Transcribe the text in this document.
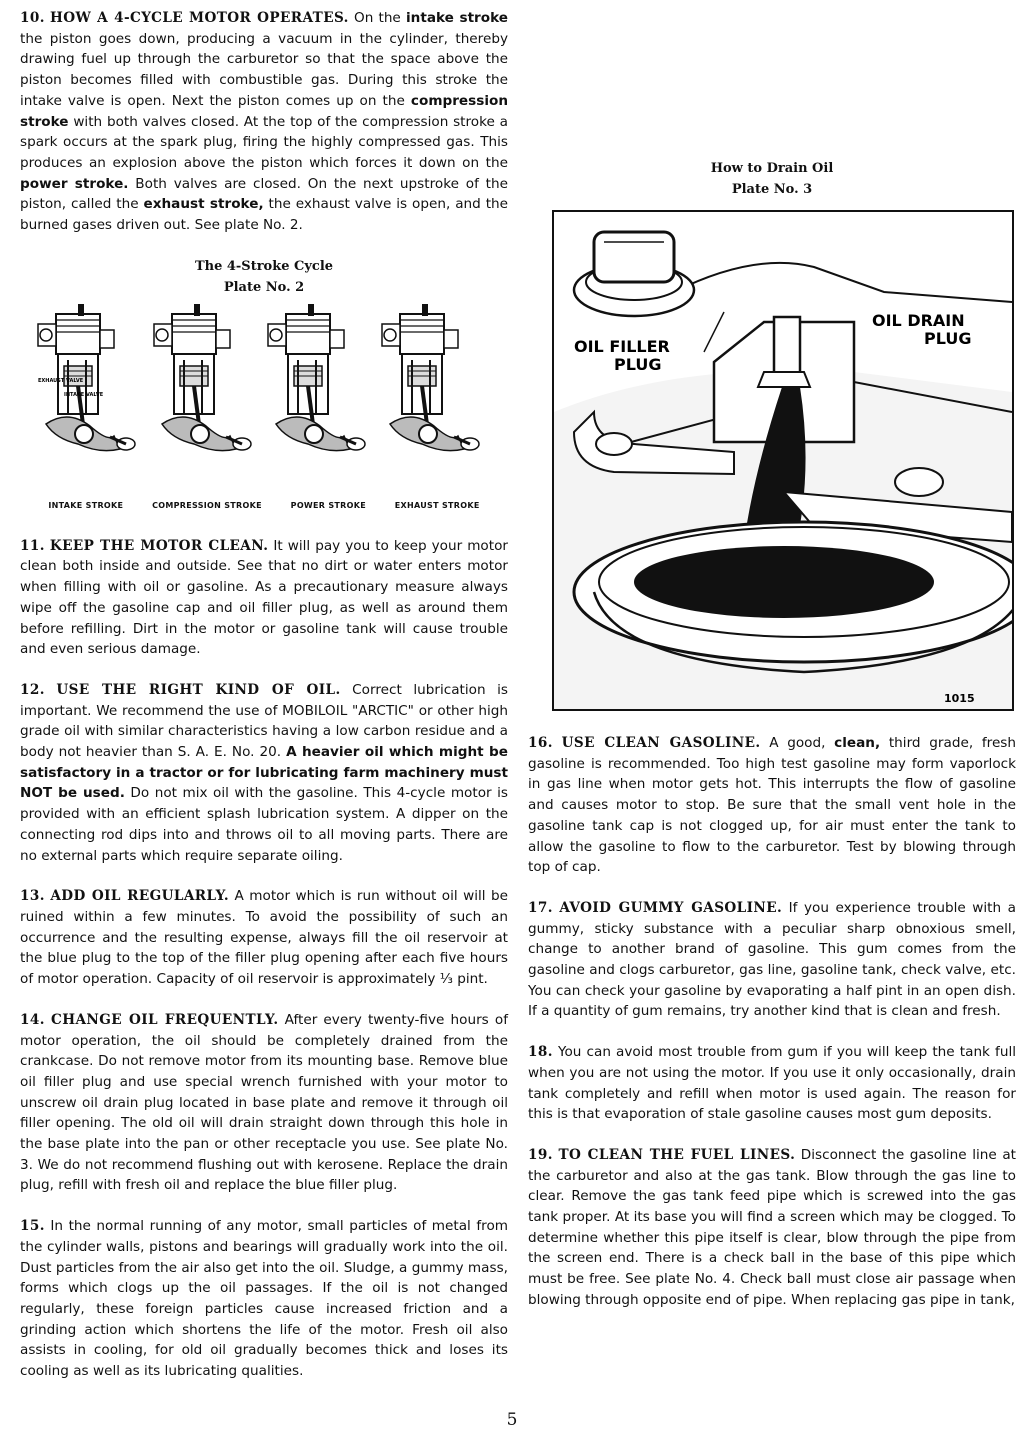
10. HOW A 4-CYCLE MOTOR OPERATES. On the intake stroke the piston goes down, producing a vacuum in the cylinder, thereby drawing fuel up through the carburetor so that the space above the piston becomes filled with combustible gas. During this stroke the intake valve is open. Next the piston comes up on the compression stroke with both valves closed. At the top of the compression stroke a spark occurs at the spark plug, firing the highly compressed gas. This produces an explosion above the piston which forces it down on the power stroke. Both valves are closed. On the next upstroke of the piston, called the exhaust stroke, the exhaust valve is open, and the burned gases driven out. See plate No. 2.

The 4-Stroke Cycle
Plate No. 2
EXHAUST VALVE
INTAKE VALVE
INTAKE STROKE	COMPRESSION STROKE	POWER STROKE	EXHAUST STROKE

11. KEEP THE MOTOR CLEAN. It will pay you to keep your motor clean both inside and outside. See that no dirt or water enters motor when filling with oil or gasoline. As a precautionary measure always wipe off the gasoline cap and oil filler plug, as well as around them before refilling. Dirt in the motor or gasoline tank will cause trouble and even serious damage.

12. USE THE RIGHT KIND OF OIL. Correct lubrication is important. We recommend the use of MOBILOIL "ARCTIC" or other high grade oil with similar characteristics having a low carbon residue and a body not heavier than S. A. E. No. 20. A heavier oil which might be satisfactory in a tractor or for lubricating farm machinery must NOT be used. Do not mix oil with the gasoline. This 4-cycle motor is provided with an efficient splash lubrication system. A dipper on the connecting rod dips into and throws oil to all moving parts. There are no external parts which require separate oiling.

13. ADD OIL REGULARLY. A motor which is run without oil will be ruined within a few minutes. To avoid the possibility of such an occurrence and the resulting expense, always fill the oil reservoir at the blue plug to the top of the filler plug opening after each five hours of motor operation. Capacity of oil reservoir is approximately ⅓ pint.

14. CHANGE OIL FREQUENTLY. After every twenty-five hours of motor operation, the oil should be completely drained from the crankcase. Do not remove motor from its mounting base. Remove blue oil filler plug and use special wrench furnished with your motor to unscrew oil drain plug located in base plate and remove it through oil filler opening. The old oil will drain straight down through this hole in the base plate into the pan or other receptacle you use. See plate No. 3. We do not recommend flushing out with kerosene. Replace the drain plug, refill with fresh oil and replace the blue filler plug.

15. In the normal running of any motor, small particles of metal from the cylinder walls, pistons and bearings will gradually work into the oil. Dust particles from the air also get into the oil. Sludge, a gummy mass, forms which clogs up the oil passages. If the oil is not changed regularly, these foreign particles cause increased friction and a grinding action which shortens the life of the motor. Fresh oil also assists in cooling, for old oil gradually becomes thick and loses its cooling as well as its lubricating qualities.

How to Drain Oil
Plate No. 3
OIL FILLER
PLUG
OIL DRAIN
PLUG
1015

16. USE CLEAN GASOLINE. A good, clean, third grade, fresh gasoline is recommended. Too high test gasoline may form vaporlock in gas line when motor gets hot. This interrupts the flow of gasoline and causes motor to stop. Be sure that the small vent hole in the gasoline tank cap is not clogged up, for air must enter the tank to allow the gasoline to flow to the carburetor. Test by blowing through top of cap.

17. AVOID GUMMY GASOLINE. If you experience trouble with a gummy, sticky substance with a peculiar sharp obnoxious smell, change to another brand of gasoline. This gum comes from the gasoline and clogs carburetor, gas line, gasoline tank, check valve, etc. You can check your gasoline by evaporating a half pint in an open dish. If a quantity of gum remains, try another kind that is clean and fresh.

18. You can avoid most trouble from gum if you will keep the tank full when you are not using the motor. If you use it only occasionally, drain tank completely and refill when motor is used again. The reason for this is that evaporation of stale gasoline causes most gum deposits.

19. TO CLEAN THE FUEL LINES. Disconnect the gasoline line at the carburetor and also at the gas tank. Blow through the gas line to clear. Remove the gas tank feed pipe which is screwed into the gas tank proper. At its base you will find a screen which may be clogged. To determine whether this pipe itself is clear, blow through the pipe from the screen end. There is a check ball in the base of this pipe which must be free. See plate No. 4. Check ball must close air passage when blowing through opposite end of pipe. When replacing gas pipe in tank,

5
